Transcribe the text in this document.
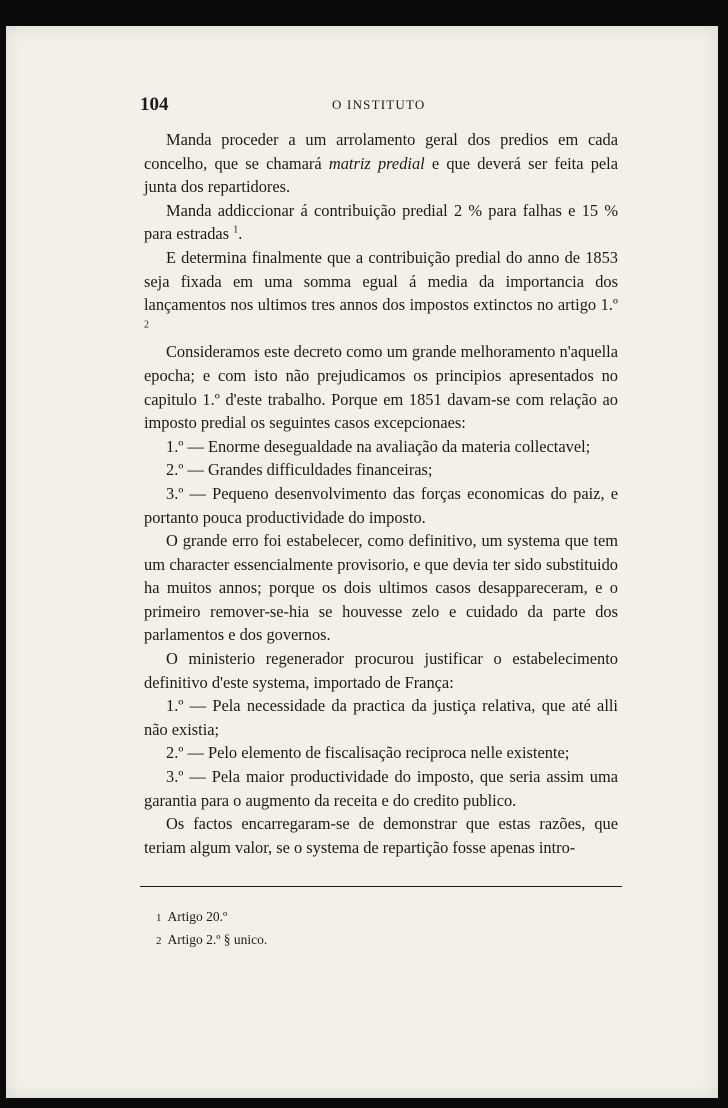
104	O INSTITUTO

Manda proceder a um arrolamento geral dos predios em cada concelho, que se chamará matriz predial e que deverá ser feita pela junta dos repartidores.

Manda addiccionar á contribuição predial 2 % para falhas e 15 % para estradas $^1$.

E determina finalmente que a contribuição predial do anno de 1853 seja fixada em uma somma egual á media da importancia dos lançamentos nos ultimos tres annos dos impostos extinctos no artigo 1.º $^2$

Consideramos este decreto como um grande melhoramento n'aquella epocha; e com isto não prejudicamos os principios apresentados no capitulo 1.º d'este trabalho. Porque em 1851 davam-se com relação ao imposto predial os seguintes casos excepcionaes:

1.º — Enorme desegualdade na avaliação da materia collectavel;

2.º — Grandes difficuldades financeiras;

3.º — Pequeno desenvolvimento das forças economicas do paiz, e portanto pouca productividade do imposto.

O grande erro foi estabelecer, como definitivo, um systema que tem um character essencialmente provisorio, e que devia ter sido substituido ha muitos annos; porque os dois ultimos casos desappareceram, e o primeiro remover-se-hia se houvesse zelo e cuidado da parte dos parlamentos e dos governos.

O ministerio regenerador procurou justificar o estabelecimento definitivo d'este systema, importado de França:

1.º — Pela necessidade da practica da justiça relativa, que até alli não existia;

2.º — Pelo elemento de fiscalisação reciproca nelle existente;

3.º — Pela maior productividade do imposto, que seria assim uma garantia para o augmento da receita e do credito publico.

Os factos encarregaram-se de demonstrar que estas razões, que teriam algum valor, se o systema de repartição fosse apenas intro-

1 Artigo 20.º
2 Artigo 2.º § unico.
